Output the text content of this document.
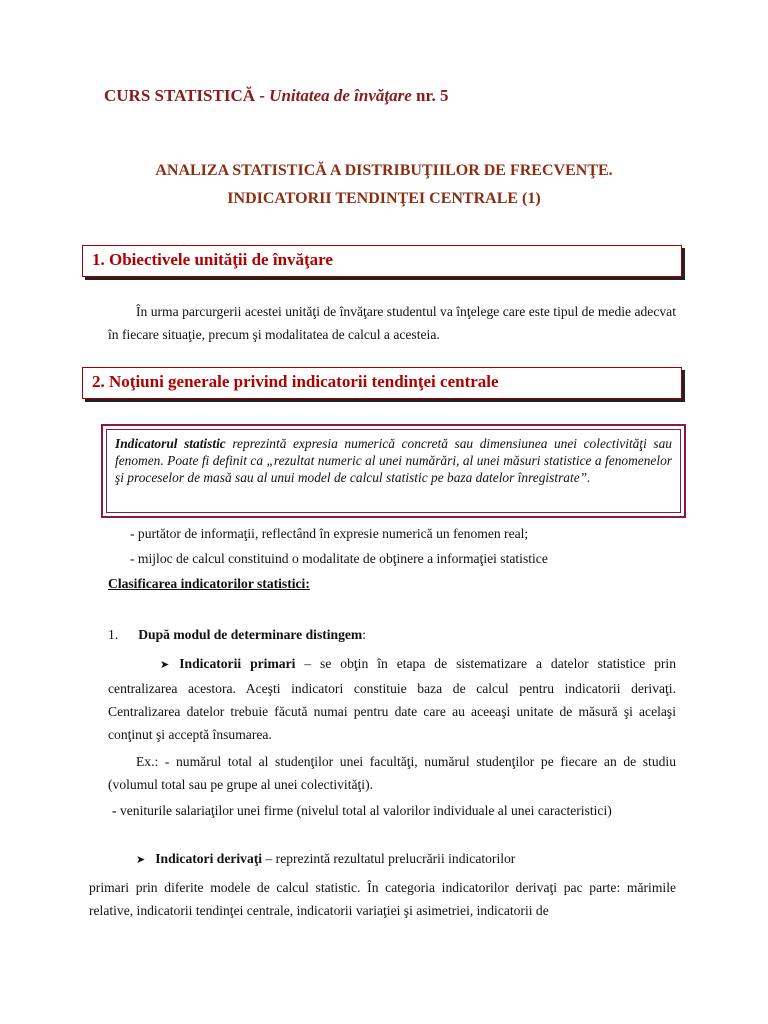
CURS STATISTICĂ - Unitatea de învăţare nr. 5
ANALIZA STATISTICĂ A DISTRIBUŢIILOR DE FRECVENŢE.
INDICATORII TENDINŢEI CENTRALE (1)
1. Obiectivele unităţii de învăţare
În urma parcurgerii acestei unităţi de învăţare studentul va înţelege care este tipul de medie adecvat în fiecare situaţie, precum şi modalitatea de calcul a acesteia.
2. Noţiuni generale privind indicatorii tendinţei centrale
Indicatorul statistic reprezintă expresia numerică concretă sau dimensiunea unei colectivităţi sau fenomen. Poate fi definit ca „rezultat numeric al unei numărări, al unei măsuri statistice a fenomenelor şi proceselor de masă sau al unui model de calcul statistic pe baza datelor înregistrate”.
- purtător de informaţii, reflectând în expresie numerică un fenomen real;
- mijloc de calcul constituind o modalitate de obţinere a informaţiei statistice
Clasificarea indicatorilor statistici:
1. După modul de determinare distingem:
➤ Indicatorii primari – se obţin în etapa de sistematizare a datelor statistice prin centralizarea acestora. Aceşti indicatori constituie baza de calcul pentru indicatorii derivaţi. Centralizarea datelor trebuie făcută numai pentru date care au aceeaşi unitate de măsură şi acelaşi conţinut şi acceptă însumarea.
Ex.: - numărul total al studenţilor unei facultăţi, numărul studenţilor pe fiecare an de studiu (volumul total sau pe grupe al unei colectivităţi).
- veniturile salariaţilor unei firme (nivelul total al valorilor individuale al unei caracteristici)
➤ Indicatori derivaţi – reprezintă rezultatul prelucrării indicatorilor
primari prin diferite modele de calcul statistic. În categoria indicatorilor derivaţi pac parte: mărimile relative, indicatorii tendinţei centrale, indicatorii variaţiei şi asimetriei, indicatorii de
